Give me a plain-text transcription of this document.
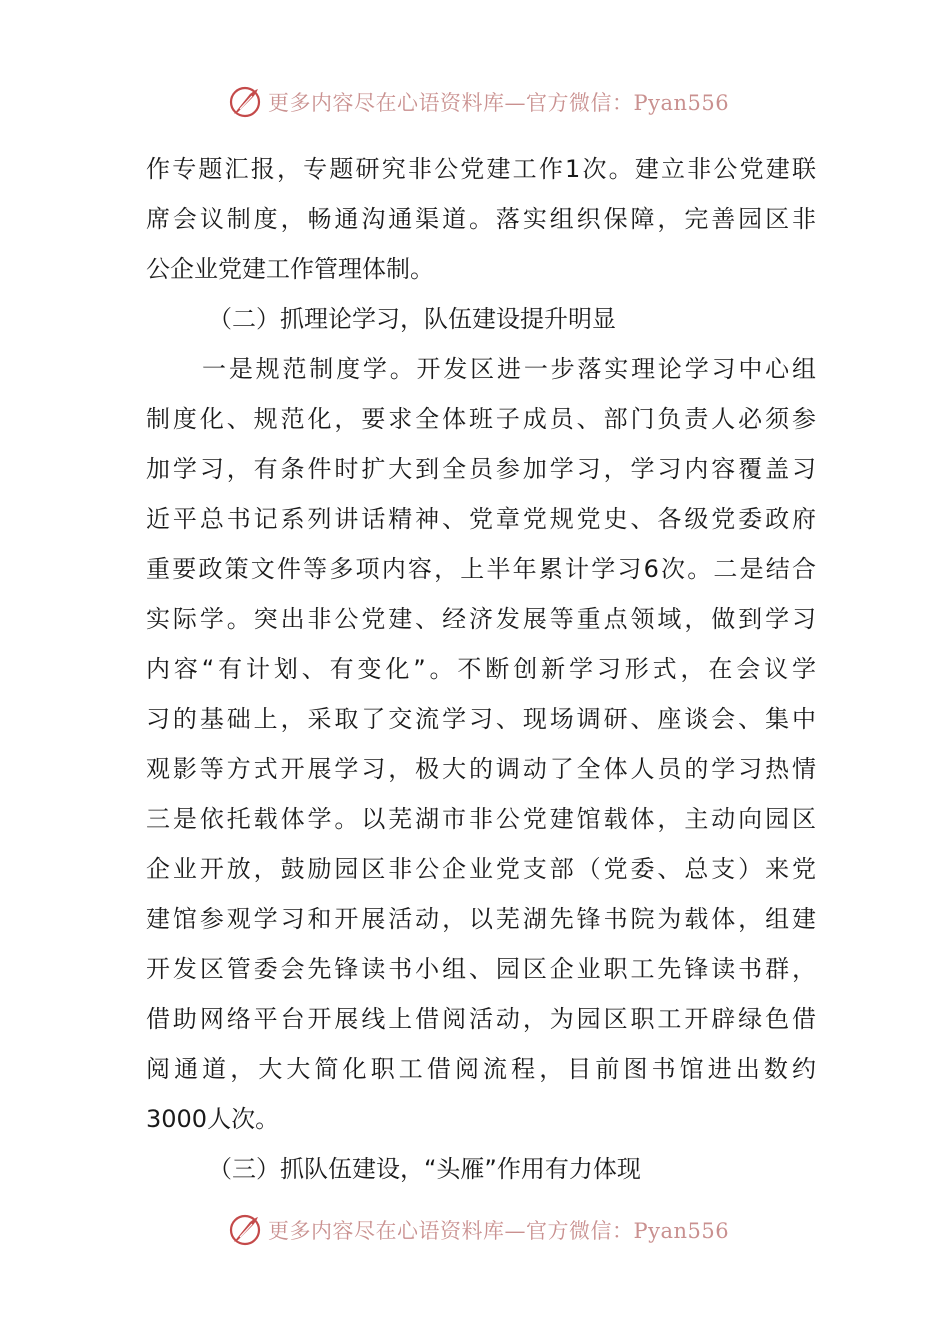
更多内容尽在心语资料库—官方微信：Pyan556
作专题汇报，专题研究非公党建工作1次。建立非公党建联
席会议制度，畅通沟通渠道。落实组织保障，完善园区非
公企业党建工作管理体制。
（二）抓理论学习，队伍建设提升明显
一是规范制度学。开发区进一步落实理论学习中心组
制度化、规范化，要求全体班子成员、部门负责人必须参
加学习，有条件时扩大到全员参加学习，学习内容覆盖习
近平总书记系列讲话精神、党章党规党史、各级党委政府
重要政策文件等多项内容，上半年累计学习6次。二是结合
实际学。突出非公党建、经济发展等重点领域，做到学习
内容“有计划、有变化”。不断创新学习形式，在会议学
习的基础上，采取了交流学习、现场调研、座谈会、集中
观影等方式开展学习，极大的调动了全体人员的学习热情
三是依托载体学。以芜湖市非公党建馆载体，主动向园区
企业开放，鼓励园区非公企业党支部（党委、总支）来党
建馆参观学习和开展活动，以芜湖先锋书院为载体，组建
开发区管委会先锋读书小组、园区企业职工先锋读书群，
借助网络平台开展线上借阅活动，为园区职工开辟绿色借
阅通道，大大简化职工借阅流程，目前图书馆进出数约
3000人次。
（三）抓队伍建设，“头雁”作用有力体现
更多内容尽在心语资料库—官方微信：Pyan556
